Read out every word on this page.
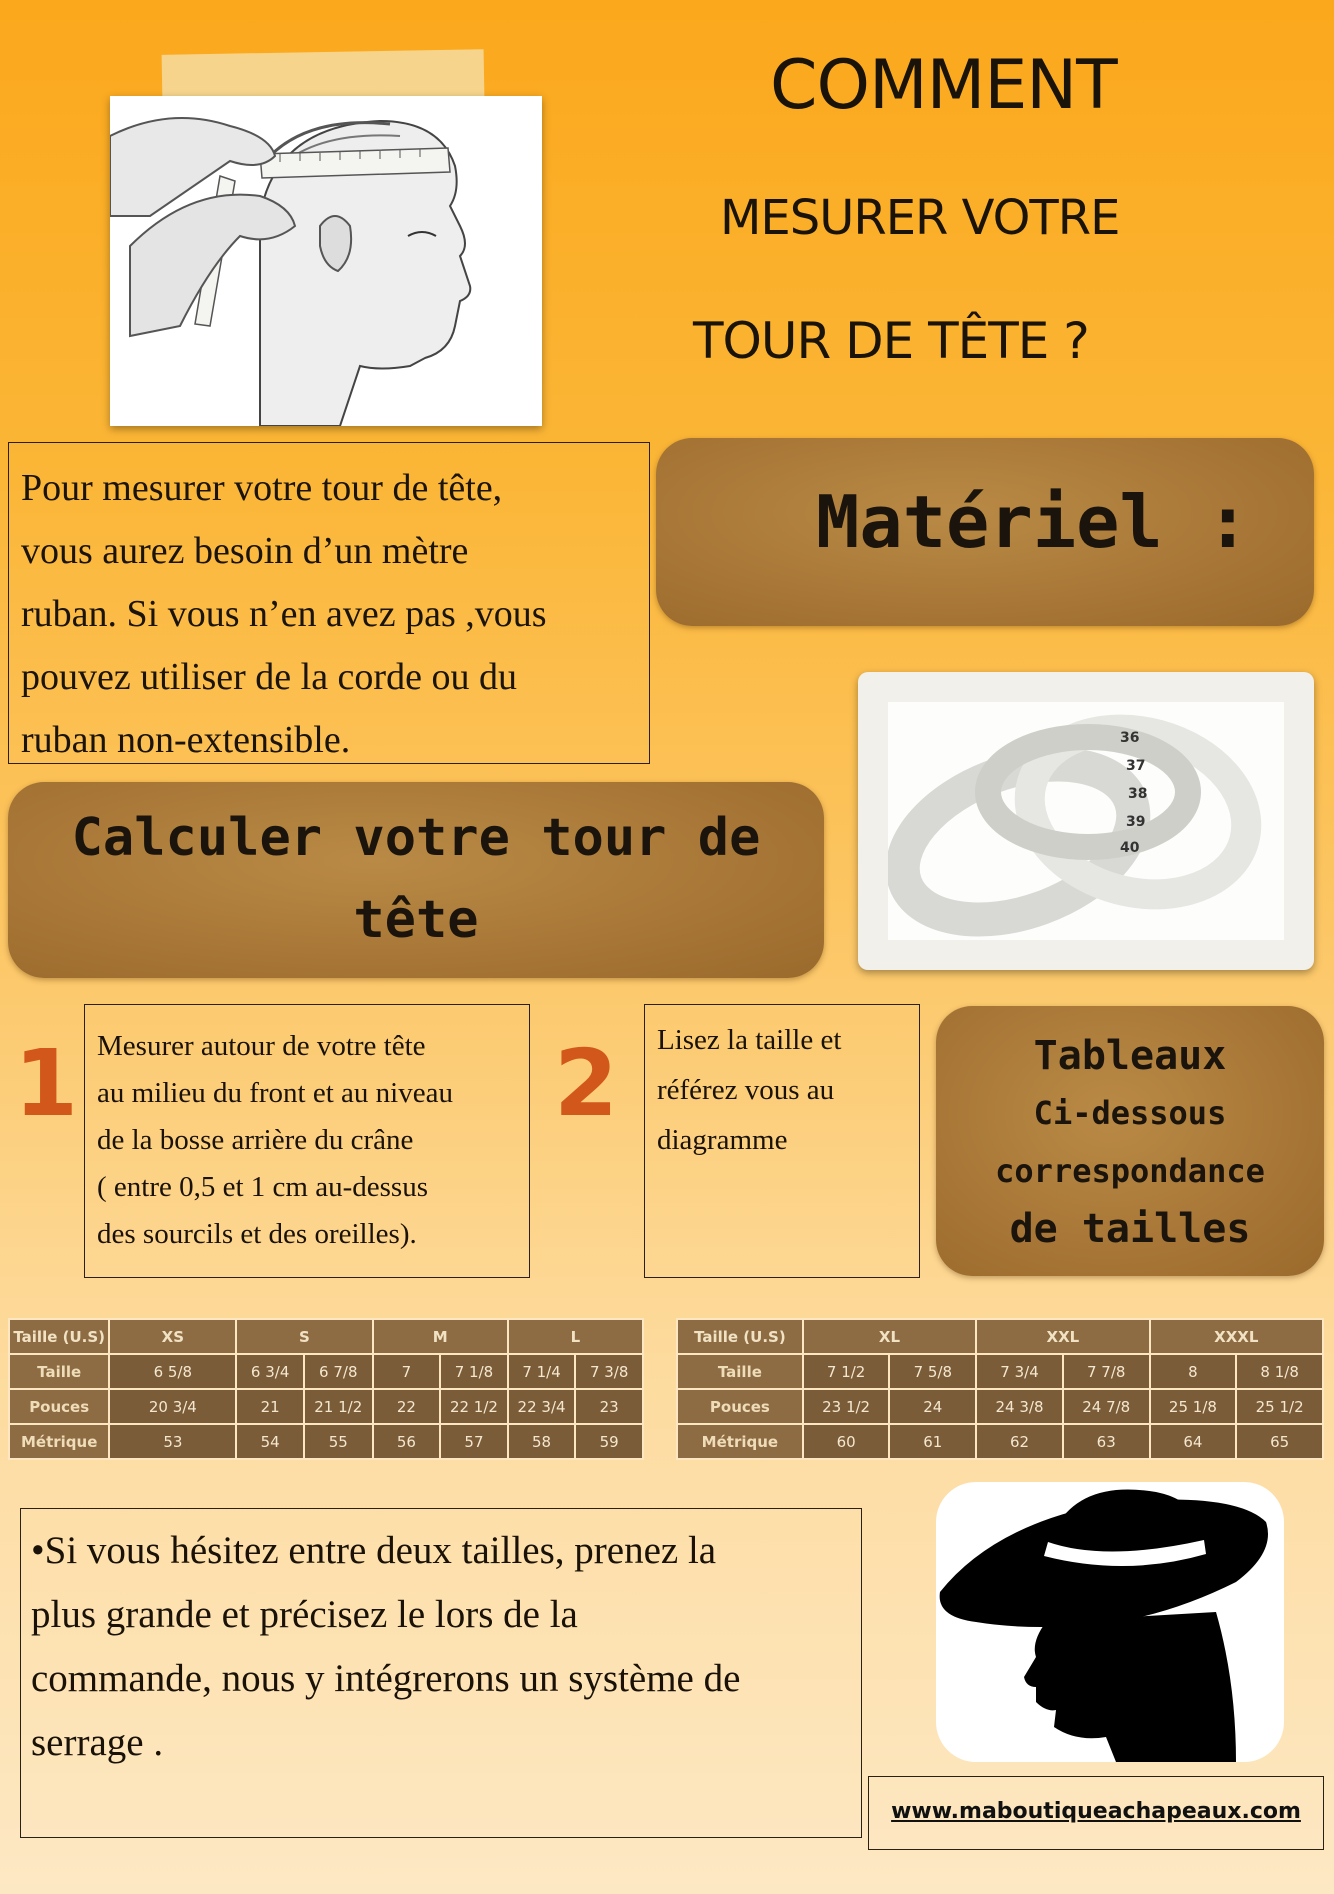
COMMENT
MESURER VOTRE
TOUR DE TÊTE ?
Pour mesurer votre tour de tête,
vous aurez besoin d’un mètre
ruban. Si vous n’en avez pas ,vous
pouvez utiliser de la corde ou du
ruban non-extensible.
Matériel :
36
37
38
39
40
Calculer votre tour de
tête
1 Mesurer autour de votre tête
au milieu du front et au niveau
de la bosse arrière du crâne
( entre 0,5 et 1 cm au-dessus
des sourcils et des oreilles).
2 Lisez la taille et
référez vous au
diagramme
Tableaux
Ci-dessous
correspondance
de tailles
Taille (U.S)	XS	S		M		L	
Taille	6 5/8	6 3/4	6 7/8	7	7 1/8	7 1/4	7 3/8
Pouces	20 3/4	21	21 1/2	22	22 1/2	22 3/4	23
Métrique	53	54	55	56	57	58	59
Taille (U.S)	XL		XXL		XXXL	
Taille	7 1/2	7 5/8	7 3/4	7 7/8	8	8 1/8
Pouces	23 1/2	24	24 3/8	24 7/8	25 1/8	25 1/2
Métrique	60	61	62	63	64	65
•Si vous hésitez entre deux tailles, prenez la
plus grande et précisez le lors de la
commande, nous y intégrerons un système de
serrage .
www.maboutiqueachapeaux.com
